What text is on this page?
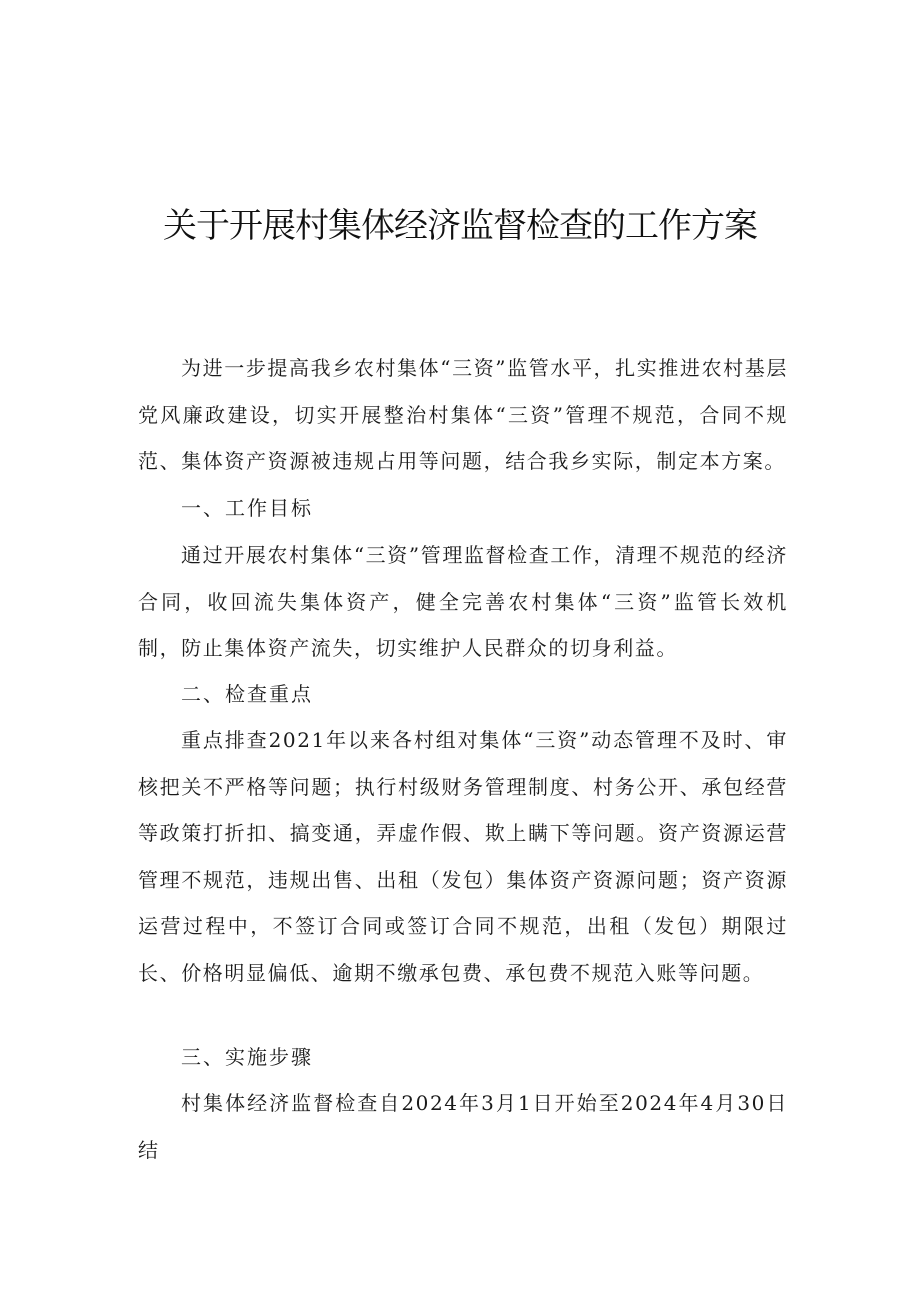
关于开展村集体经济监督检查的工作方案

为进一步提高我乡农村集体“三资”监管水平，扎实推进农村基层党风廉政建设，切实开展整治村集体“三资”管理不规范，合同不规范、集体资产资源被违规占用等问题，结合我乡实际，制定本方案。

一、工作目标

通过开展农村集体“三资”管理监督检查工作，清理不规范的经济合同，收回流失集体资产，健全完善农村集体“三资”监管长效机制，防止集体资产流失，切实维护人民群众的切身利益。

二、检查重点

重点排查2021年以来各村组对集体“三资”动态管理不及时、审核把关不严格等问题；执行村级财务管理制度、村务公开、承包经营等政策打折扣、搞变通，弄虚作假、欺上瞒下等问题。资产资源运营管理不规范，违规出售、出租（发包）集体资产资源问题；资产资源运营过程中，不签订合同或签订合同不规范，出租（发包）期限过长、价格明显偏低、逾期不缴承包费、承包费不规范入账等问题。

三、实施步骤

村集体经济监督检查自2024年3月1日开始至2024年4月30日结
